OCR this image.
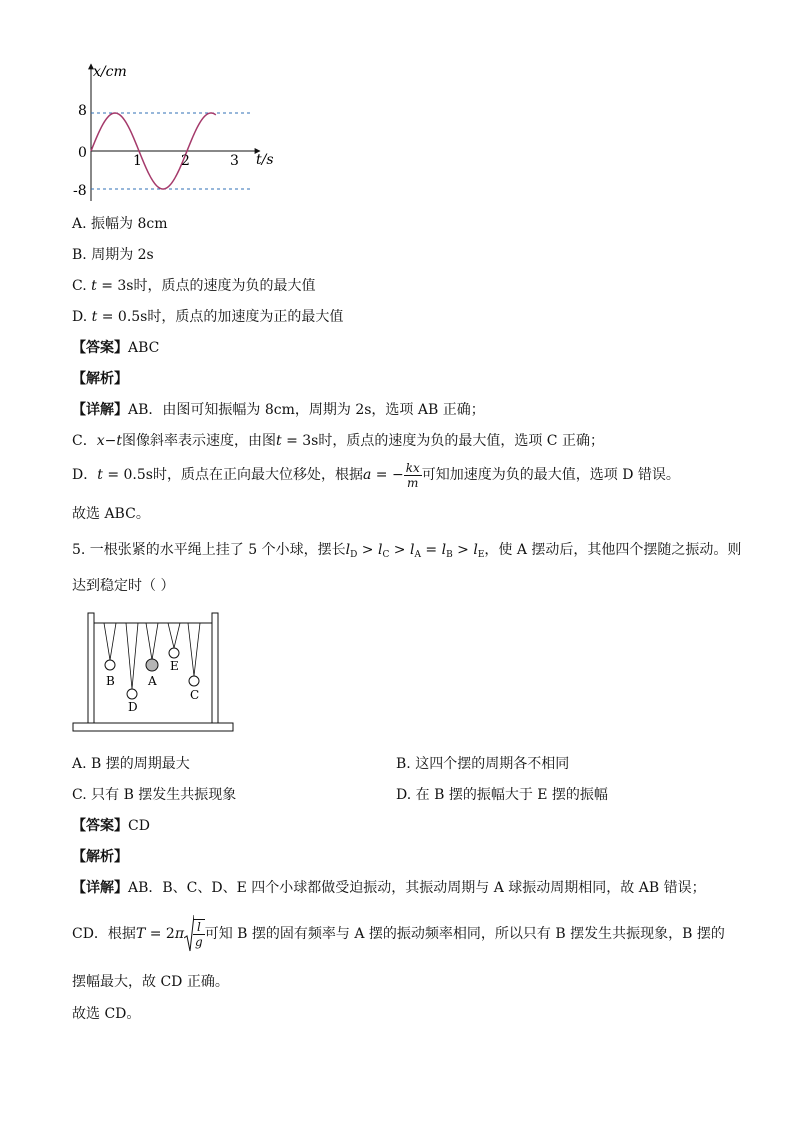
x/cm
t/s
8
0
-8
1	2	3
A. 振幅为 8cm
B. 周期为 2s
C. t = 3s时，质点的速度为负的最大值
D. t = 0.5s时，质点的加速度为正的最大值
【答案】ABC
【解析】
【详解】AB．由图可知振幅为 8cm，周期为 2s，选项 AB 正确；
C．x−t图像斜率表示速度，由图t = 3s时，质点的速度为负的最大值，选项 C 正确；
D．t = 0.5s时，质点在正向最大位移处，根据a = − $\frac{kx}{m}$ 可知加速度为负的最大值，选项 D 错误。
故选 ABC。
5. 一根张紧的水平绳上挂了 5 个小球，摆长$l_D > l_C > l_A = l_B > l_E$，使 A 摆动后，其他四个摆随之振动。则
达到稳定时（ ）
B
D
A
E
C
A. B 摆的周期最大	B. 这四个摆的周期各不相同
C. 只有 B 摆发生共振现象	D. 在 B 摆的振幅大于 E 摆的振幅
【答案】CD
【解析】
【详解】AB．B、C、D、E 四个小球都做受迫振动，其振动周期与 A 球振动周期相同，故 AB 错误；
CD．根据$T = 2\pi \frac{l}{g}$ 可知 B 摆的固有频率与 A 摆的振动频率相同，所以只有 B 摆发生共振现象，B 摆的
摆幅最大，故 CD 正确。
故选 CD。
